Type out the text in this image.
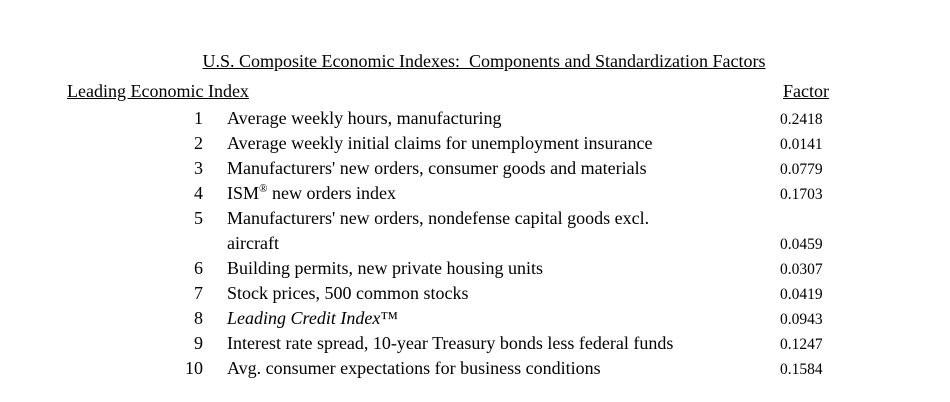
U.S. Composite Economic Indexes:  Components and Standardization Factors

Leading Economic Index	Factor
1	Average weekly hours, manufacturing	0.2418
2	Average weekly initial claims for unemployment insurance	0.0141
3	Manufacturers' new orders, consumer goods and materials	0.0779
4	ISM® new orders index	0.1703
5	Manufacturers' new orders, nondefense capital goods excl.
aircraft	0.0459
6	Building permits, new private housing units	0.0307
7	Stock prices, 500 common stocks	0.0419
8	Leading Credit Index™	0.0943
9	Interest rate spread, 10-year Treasury bonds less federal funds	0.1247
10	Avg. consumer expectations for business conditions	0.1584
